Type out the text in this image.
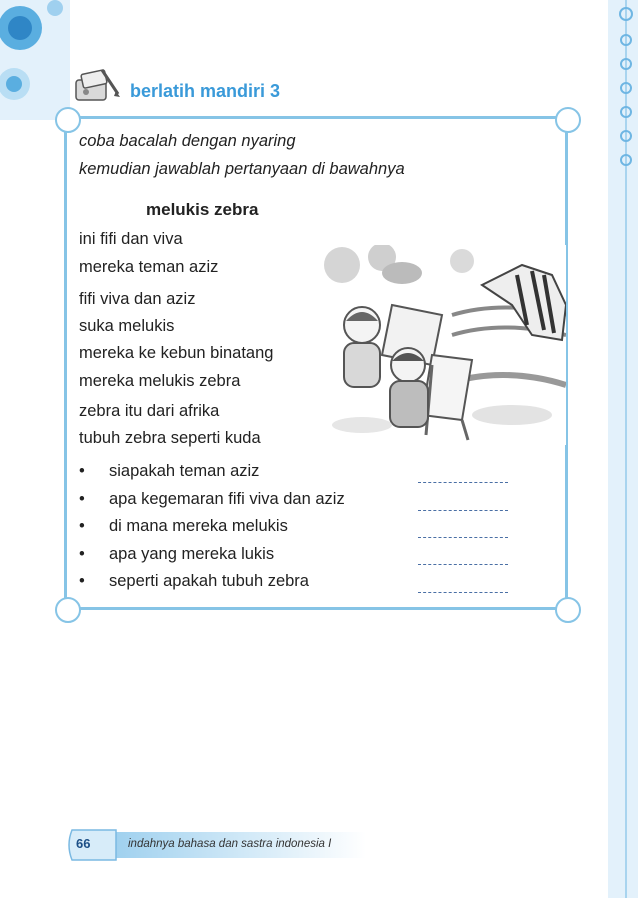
berlatih mandiri 3
coba bacalah dengan nyaring
kemudian jawablah pertanyaan di bawahnya
melukis zebra
ini fifi dan viva
mereka teman aziz
fifi viva dan aziz
suka melukis
mereka ke kebun binatang
mereka melukis zebra
zebra itu dari afrika
tubuh zebra seperti kuda
•	siapakah teman aziz
•	apa kegemaran fifi viva dan aziz
•	di mana mereka melukis
•	apa yang mereka lukis
•	seperti apakah tubuh zebra
66	indahnya bahasa dan sastra indonesia I
